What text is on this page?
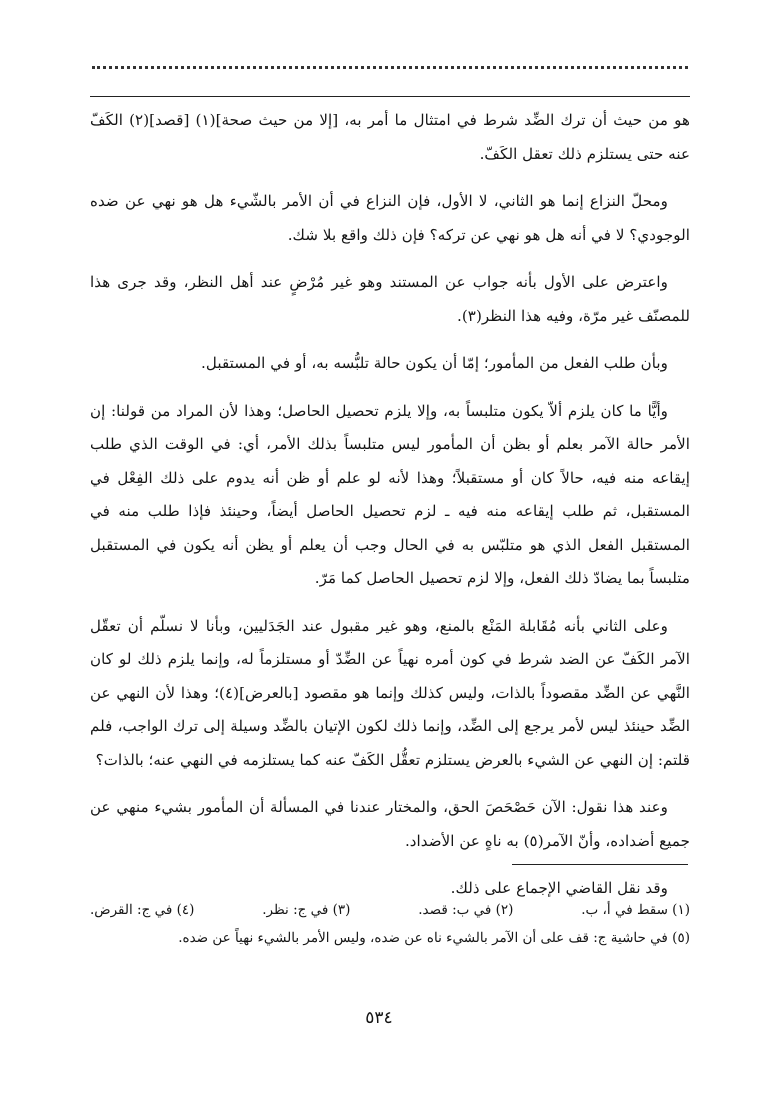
هو من حيث أن ترك الضِّد شرط في امتثال ما أمر به، [إلا من حيث صحة](١) [قصد](٢) الكَفّ عنه حتى يستلزم ذلك تعقل الكَفّ.

ومحلّ النزاع إنما هو الثاني، لا الأول، فإن النزاع في أن الأمر بالشّيء هل هو نهي عن ضده الوجودي؟ لا في أنه هل هو نهي عن تركه؟ فإن ذلك واقع بلا شك.

واعترض على الأول بأنه جواب عن المستند وهو غير مُرْضٍ عند أهل النظر، وقد جرى هذا للمصنّف غير مرّة، وفيه هذا النظر(٣).

وبأن طلب الفعل من المأمور؛ إمّا أن يكون حالة تلبُّسه به، أو في المستقبل.

وأيًّا ما كان يلزم ألاّ يكون متلبساً به، وإلا يلزم تحصيل الحاصل؛ وهذا لأن المراد من قولنا: إن الأمر حالة الآمر بعلم أو بظن أن المأمور ليس متلبساً بذلك الأمر، أي: في الوقت الذي طلب إيقاعه منه فيه، حالاً كان أو مستقبلاً؛ وهذا لأنه لو علم أو ظن أنه يدوم على ذلك الفِعْل في المستقبل، ثم طلب إيقاعه منه فيه ـ لزم تحصيل الحاصل أيضاً، وحينئذ فإذا طلب منه في المستقبل الفعل الذي هو متلبّس به في الحال وجب أن يعلم أو يظن أنه يكون في المستقبل متلبساً بما يضادّ ذلك الفعل، وإلا لزم تحصيل الحاصل كما مَرّ.

وعلى الثاني بأنه مُقَابلة المَنْع بالمنع، وهو غير مقبول عند الجَدَليين، وبأنا لا نسلّم أن تعقّل الآمر الكَفّ عن الضد شرط في كون أمره نهياً عن الضِّدّ أو مستلزماً له، وإنما يلزم ذلك لو كان النَّهي عن الضِّد مقصوداً بالذات، وليس كذلك وإنما هو مقصود [بالعرض](٤)؛ وهذا لأن النهي عن الضِّد حينئذ ليس لأمر يرجع إلى الضِّد، وإنما ذلك لكون الإتيان بالضِّد وسيلة إلى ترك الواجب، فلم قلتم: إن النهي عن الشيء بالعرض يستلزم تعقُّل الكَفّ عنه كما يستلزمه في النهي عنه؛ بالذات؟

وعند هذا نقول: الآن حَصْحَصَ الحق، والمختار عندنا في المسألة أن المأمور بشيء منهي عن جميع أضداده، وأنّ الآمر(٥) به ناهٍ عن الأضداد.

وقد نقل القاضي الإجماع على ذلك.

(١) سقط في أ، ب.
(٢) في ب: قصد.
(٣) في ج: نظر.
(٤) في ج: القرض.
(٥) في حاشية ج: قف على أن الآمر بالشيء ناه عن ضده، وليس الأمر بالشيء نهياً عن ضده.
٥٣٤
